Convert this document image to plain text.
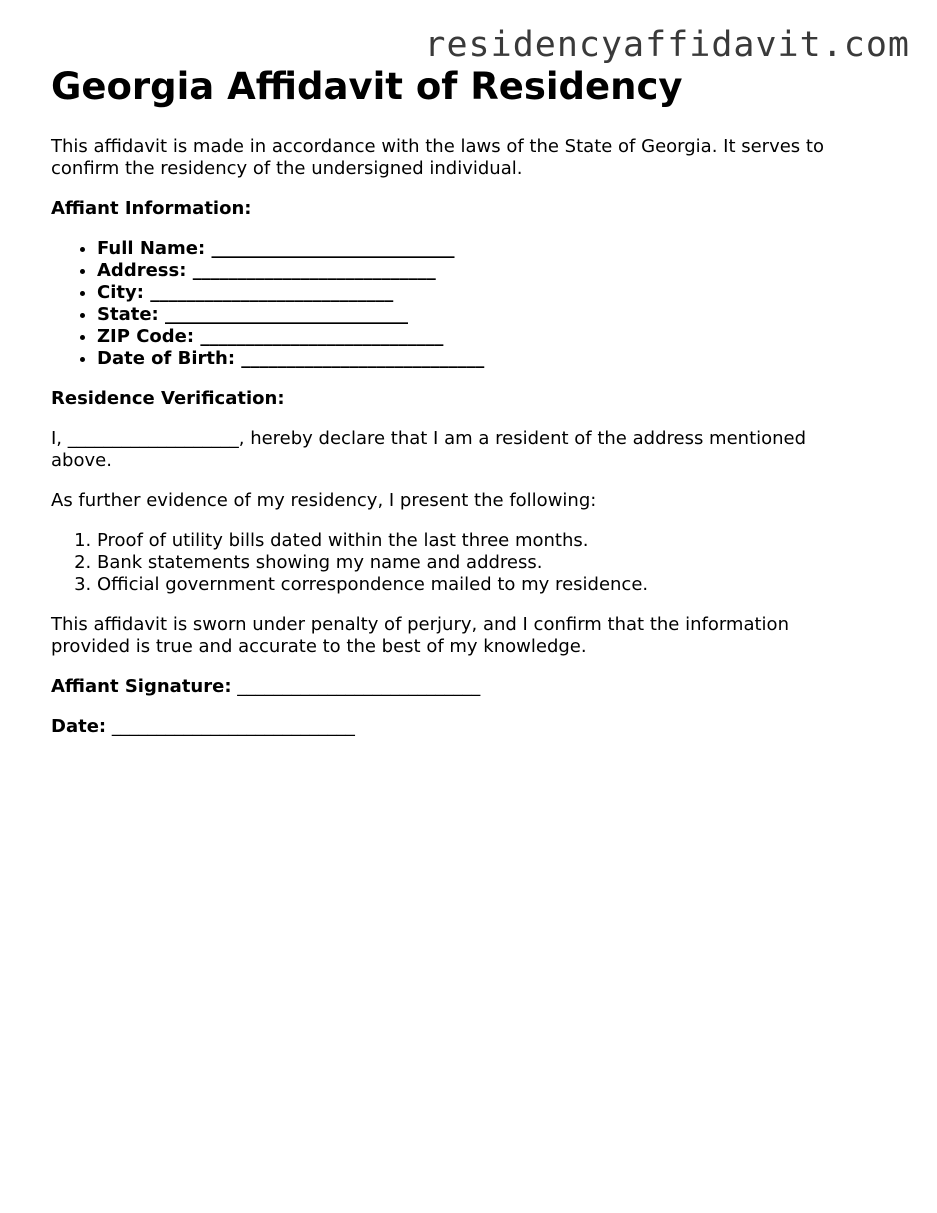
residencyaffidavit.com
Georgia Affidavit of Residency

This affidavit is made in accordance with the laws of the State of Georgia. It serves to confirm the residency of the undersigned individual.

Affiant Information:

• Full Name: ___________________________
• Address: ___________________________
• City: ___________________________
• State: ___________________________
• ZIP Code: ___________________________
• Date of Birth: ___________________________

Residence Verification:

I, ___________________, hereby declare that I am a resident of the address mentioned above.

As further evidence of my residency, I present the following:

1. Proof of utility bills dated within the last three months.
2. Bank statements showing my name and address.
3. Official government correspondence mailed to my residence.

This affidavit is sworn under penalty of perjury, and I confirm that the information provided is true and accurate to the best of my knowledge.

Affiant Signature: ___________________________

Date: ___________________________
